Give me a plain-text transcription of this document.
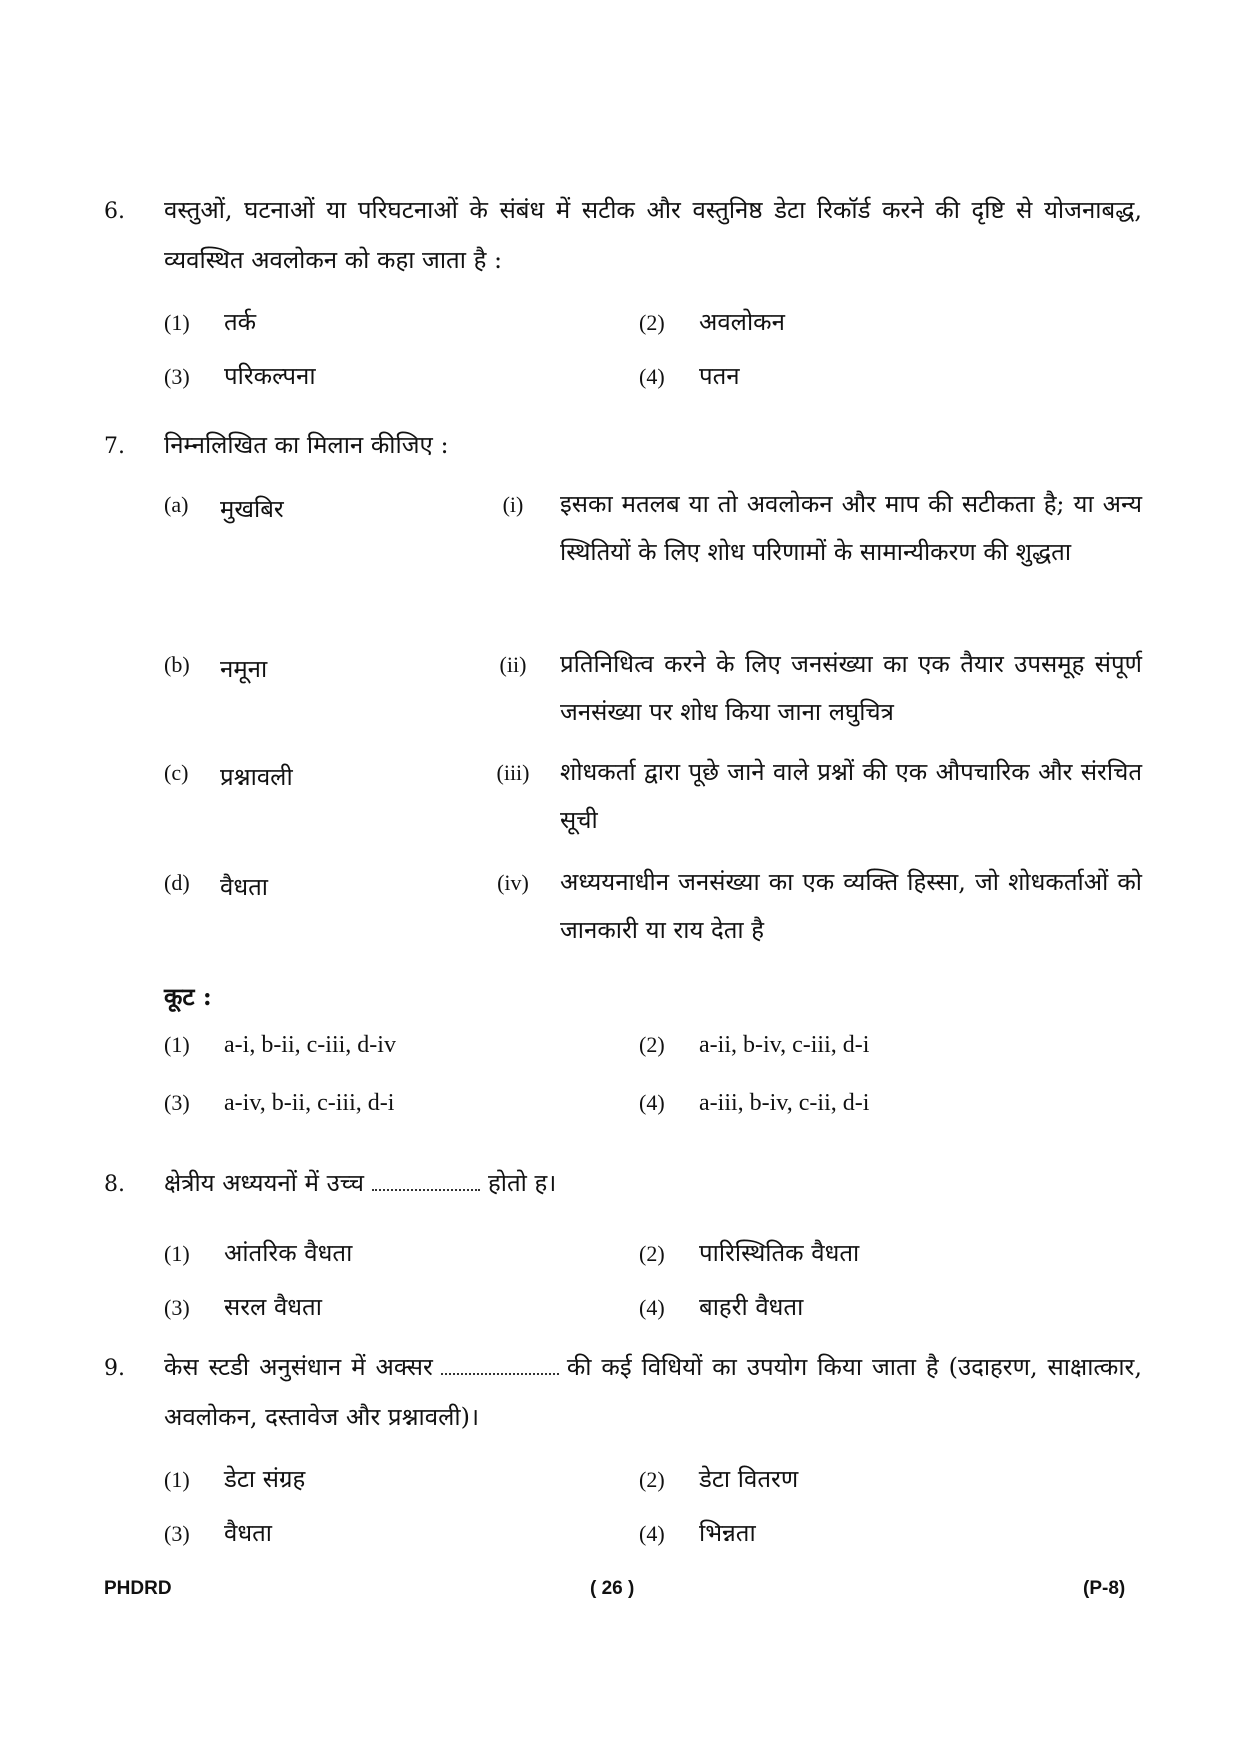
6. वस्तुओं, घटनाओं या परिघटनाओं के संबंध में सटीक और वस्तुनिष्ठ डेटा रिकॉर्ड करने की दृष्टि से योजनाबद्ध, व्यवस्थित अवलोकन को कहा जाता है :
(1) तर्क	(2) अवलोकन
(3) परिकल्पना	(4) पतन
7. निम्नलिखित का मिलान कीजिए :
(a) मुखबिर	(i)	इसका मतलब या तो अवलोकन और माप की सटीकता है; या अन्य स्थितियों के लिए शोध परिणामों के सामान्यीकरण की शुद्धता
(b) नमूना	(ii)	प्रतिनिधित्व करने के लिए जनसंख्या का एक तैयार उपसमूह संपूर्ण जनसंख्या पर शोध किया जाना लघुचित्र
(c) प्रश्नावली	(iii)	शोधकर्ता द्वारा पूछे जाने वाले प्रश्नों की एक औपचारिक और संरचित सूची
(d) वैधता	(iv)	अध्ययनाधीन जनसंख्या का एक व्यक्ति हिस्सा, जो शोधकर्ताओं को जानकारी या राय देता है
कूट :
(1) a-i, b-ii, c-iii, d-iv	(2) a-ii, b-iv, c-iii, d-i
(3) a-iv, b-ii, c-iii, d-i	(4) a-iii, b-iv, c-ii, d-i
8. क्षेत्रीय अध्ययनों में उच्च	होतो ह।
(1) आंतरिक वैधता	(2) पारिस्थितिक वैधता
(3) सरल वैधता	(4) बाहरी वैधता
9. केस स्टडी अनुसंधान में अक्सर	की कई विधियों का उपयोग किया जाता है (उदाहरण, साक्षात्कार, अवलोकन, दस्तावेज और प्रश्नावली)।
(1) डेटा संग्रह	(2) डेटा वितरण
(3) वैधता	(4) भिन्नता
PHDRD	( 26 )	(P-8)
